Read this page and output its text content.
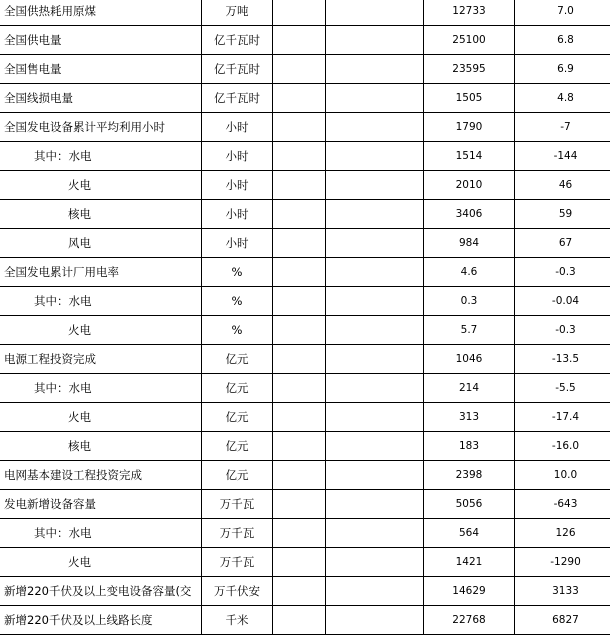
全国供热耗用原煤	万吨			12733	7.0
全国供电量	亿千瓦时			25100	6.8
全国售电量	亿千瓦时			23595	6.9
全国线损电量	亿千瓦时			1505	4.8
全国发电设备累计平均利用小时	小时			1790	-7
其中：水电	小时			1514	-144
火电	小时			2010	46
核电	小时			3406	59
风电	小时			984	67
全国发电累计厂用电率	%			4.6	-0.3
其中：水电	%			0.3	-0.04
火电	%			5.7	-0.3
电源工程投资完成	亿元			1046	-13.5
其中：水电	亿元			214	-5.5
火电	亿元			313	-17.4
核电	亿元			183	-16.0
电网基本建设工程投资完成	亿元			2398	10.0
发电新增设备容量	万千瓦			5056	-643
其中：水电	万千瓦			564	126
火电	万千瓦			1421	-1290
新增220千伏及以上变电设备容量(交	万千伏安			14629	3133
新增220千伏及以上线路长度	千米			22768	6827
